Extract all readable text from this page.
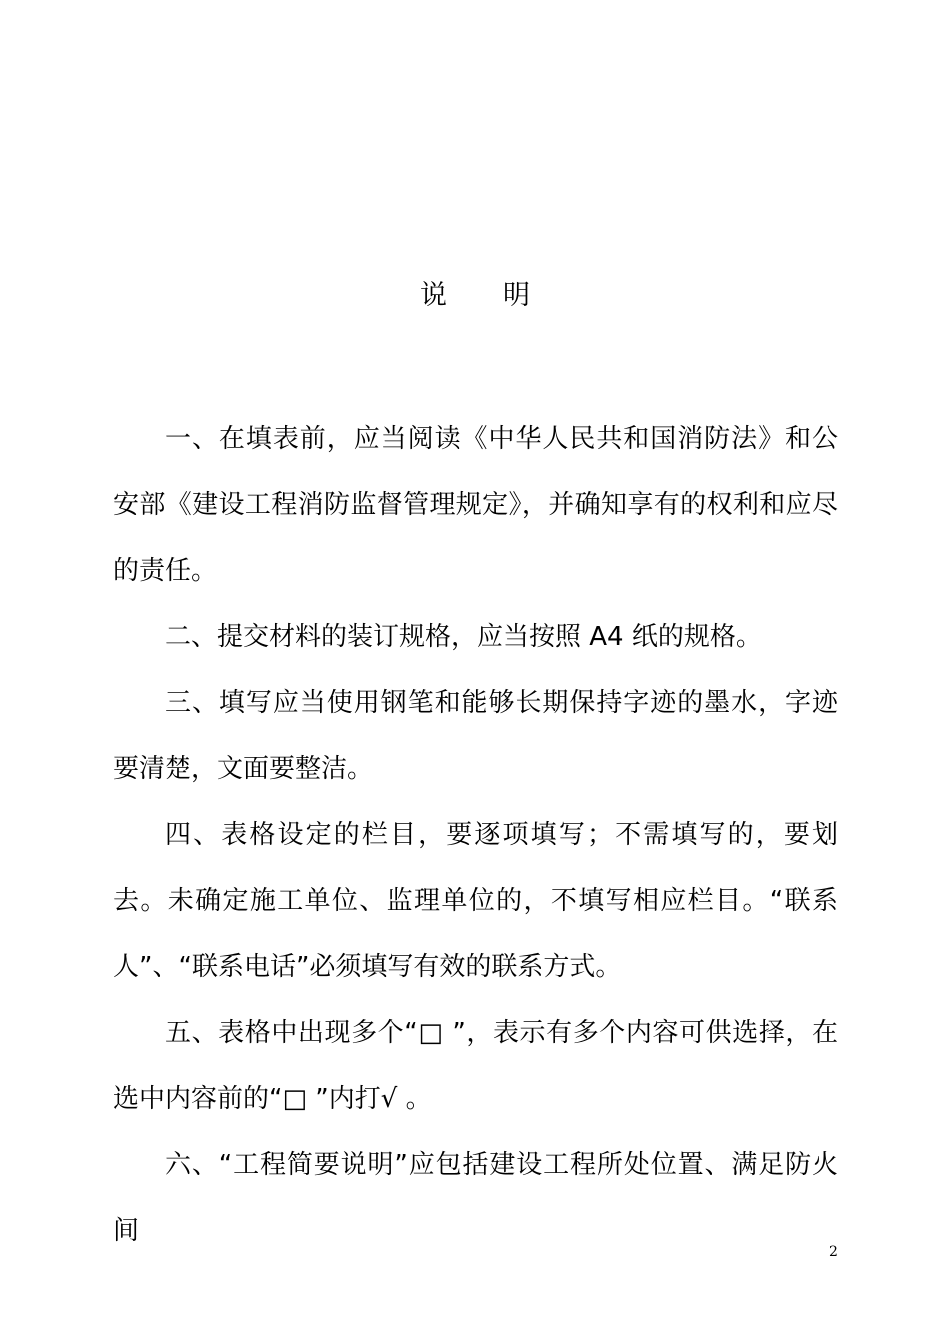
说 明

一、在填表前，应当阅读《中华人民共和国消防法》和公安部《建设工程消防监督管理规定》，并确知享有的权利和应尽的责任。

二、提交材料的装订规格，应当按照 A4 纸的规格。

三、填写应当使用钢笔和能够长期保持字迹的墨水，字迹要清楚，文面要整洁。

四、表格设定的栏目，要逐项填写；不需填写的，要划去。未确定施工单位、监理单位的，不填写相应栏目。“联系人”、“联系电话”必须填写有效的联系方式。

五、表格中出现多个“□ ”，表示有多个内容可供选择，在选中内容前的“□ ”内打√ 。

六、“工程简要说明”应包括建设工程所处位置、满足防火间

2
